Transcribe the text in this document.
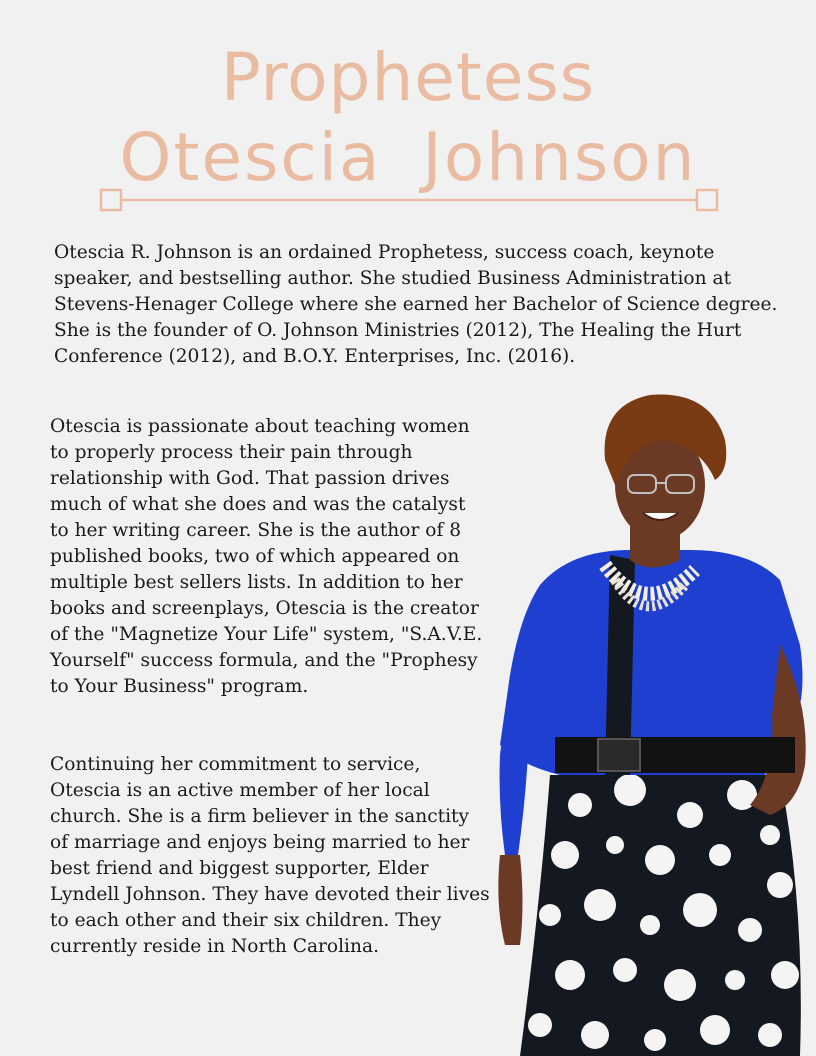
Prophetess
Otescia Johnson

Otescia R. Johnson is an ordained Prophetess, success coach, keynote speaker, and bestselling author. She studied Business Administration at Stevens-Henager College where she earned her Bachelor of Science degree. She is the founder of O. Johnson Ministries (2012), The Healing the Hurt Conference (2012), and B.O.Y. Enterprises, Inc. (2016).

Otescia is passionate about teaching women to properly process their pain through relationship with God. That passion drives much of what she does and was the catalyst to her writing career. She is the author of 8 published books, two of which appeared on multiple best sellers lists. In addition to her books and screenplays, Otescia is the creator of the "Magnetize Your Life" system, "S.A.V.E. Yourself" success formula, and the "Prophesy to Your Business" program.

Continuing her commitment to service, Otescia is an active member of her local church. She is a firm believer in the sanctity of marriage and enjoys being married to her best friend and biggest supporter, Elder Lyndell Johnson. They have devoted their lives to each other and their six children. They currently reside in North Carolina.
